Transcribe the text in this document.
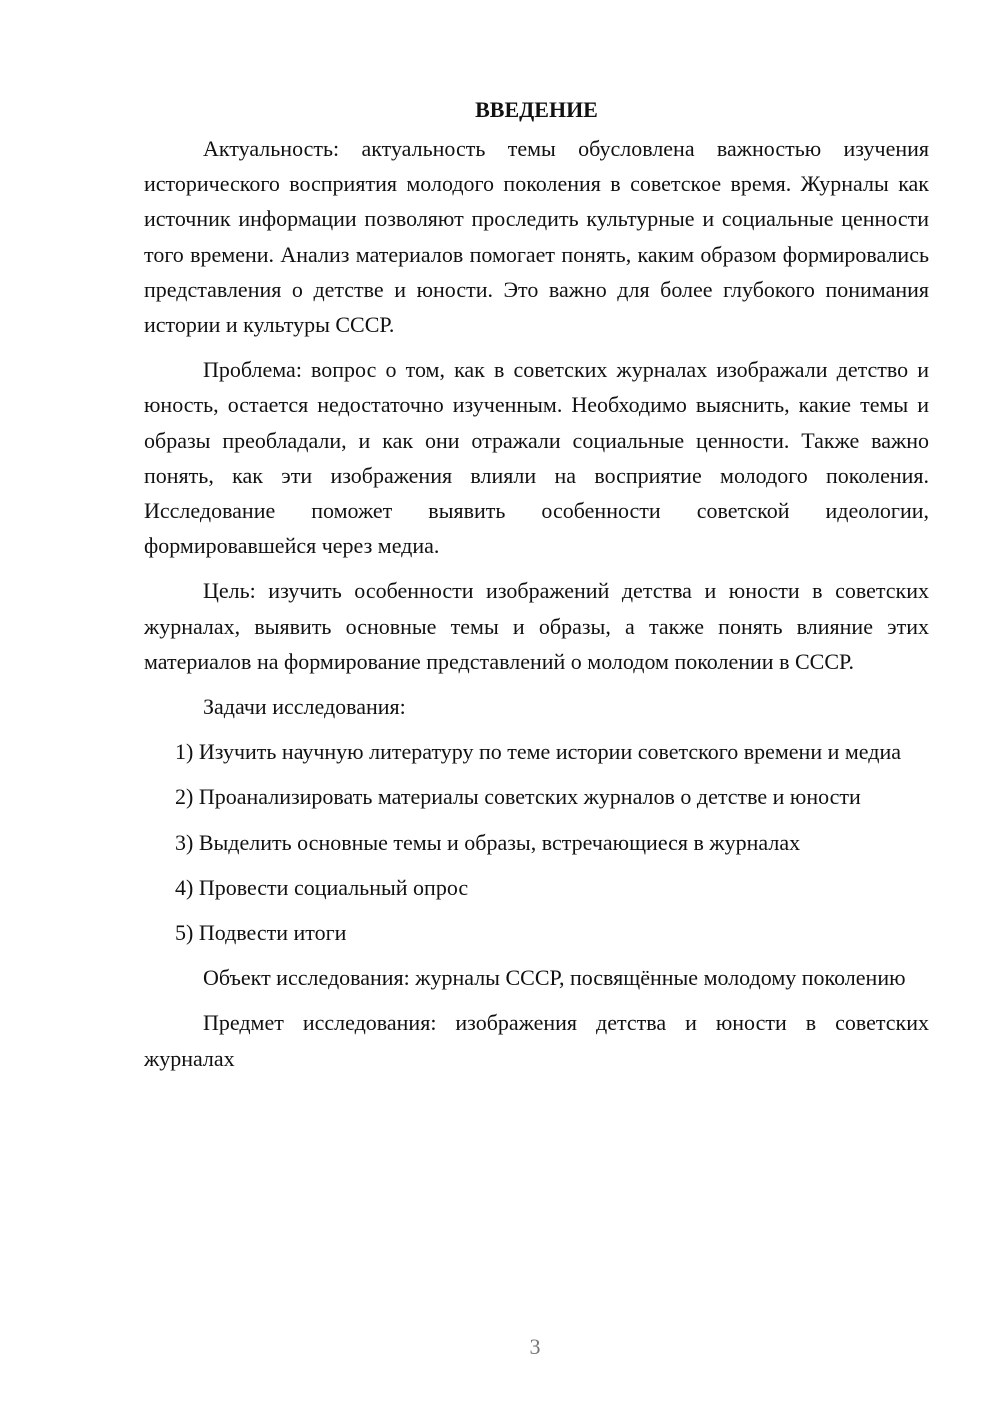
ВВЕДЕНИЕ
Актуальность: актуальность темы обусловлена важностью изучения исторического восприятия молодого поколения в советское время. Журналы как источник информации позволяют проследить культурные и социальные ценности того времени. Анализ материалов помогает понять, каким образом формировались представления о детстве и юности. Это важно для более глубокого понимания истории и культуры СССР.
Проблема: вопрос о том, как в советских журналах изображали детство и юность, остается недостаточно изученным. Необходимо выяснить, какие темы и образы преобладали, и как они отражали социальные ценности. Также важно понять, как эти изображения влияли на восприятие молодого поколения. Исследование поможет выявить особенности советской идеологии, формировавшейся через медиа.
Цель: изучить особенности изображений детства и юности в советских журналах, выявить основные темы и образы, а также понять влияние этих материалов на формирование представлений о молодом поколении в СССР.
Задачи исследования:
1) Изучить научную литературу по теме истории советского времени и медиа
2) Проанализировать материалы советских журналов о детстве и юности
3) Выделить основные темы и образы, встречающиеся в журналах
4) Провести социальный опрос
5) Подвести итоги
Объект исследования: журналы СССР, посвящённые молодому поколению
Предмет исследования: изображения детства и юности в советских журналах
3
